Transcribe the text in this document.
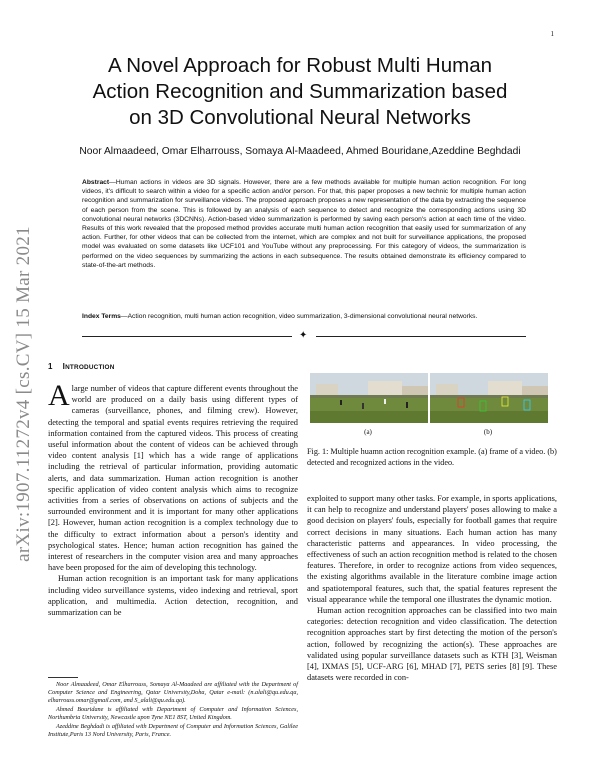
1
arXiv:1907.11272v4 [cs.CV] 15 Mar 2021
A Novel Approach for Robust Multi Human
Action Recognition and Summarization based
on 3D Convolutional Neural Networks
Noor Almaadeed, Omar Elharrouss, Somaya Al-Maadeed, Ahmed Bouridane,Azeddine Beghdadi
Abstract—Human actions in videos are 3D signals. However, there are a few methods available for multiple human action recognition. For long videos, it's difficult to search within a video for a specific action and/or person. For that, this paper proposes a new technic for multiple human action recognition and summarization for surveillance videos. The proposed approach proposes a new representation of the data by extracting the sequence of each person from the scene. This is followed by an analysis of each sequence to detect and recognize the corresponding actions using 3D convolutional neural networks (3DCNNs). Action-based video summarization is performed by saving each person's action at each time of the video. Results of this work revealed that the proposed method provides accurate multi human action recognition that easily used for summarization of any action. Further, for other videos that can be collected from the internet, which are complex and not built for surveillance applications, the proposed model was evaluated on some datasets like UCF101 and YouTube without any preprocessing. For this category of videos, the summarization is performed on the video sequences by summarizing the actions in each subsequence. The results obtained demonstrate its efficiency compared to state-of-the-art methods.
Index Terms—Action recognition, multi human action recognition, video summarization, 3-dimensional convolutional neural networks.
✦
1 INTRODUCTION

Alarge number of videos that capture different events throughout the world are produced on a daily basis using different types of cameras (surveillance, phones, and filming crew). However, detecting the temporal and spatial events requires retrieving the required information contained from the captured videos. This process of creating useful information about the content of videos can be achieved through video content analysis [1] which has a wide range of applications including the retrieval of particular information, providing automatic alerts, and data summarization. Human action recognition is another specific application of video content analysis which aims to recognize activities from a series of observations on actions of subjects and the surrounded environment and it is important for many other applications [2]. However, human action recognition is a complex technology due to the difficulty to extract information about a person's identity and psychological states. Hence; human action recognition has gained the interest of researchers in the computer vision area and many approaches have been proposed for the aim of developing this technology.

Human action recognition is an important task for many applications including video surveillance systems, video indexing and retrieval, sport application, and multimedia. Action detection, recognition, and summarization can be

Noor Almaadeed, Omar Elharrouss, Somaya Al-Maadeed are affiliated with the Department of Computer Science and Engineering, Qatar University,Doha, Qatar e-mail: (n.alali@qu.edu.qa, elharrouss.omar@gmail.com, and S_alali@qu.edu.qa).

Ahmed Bouridane is affiliated with Department of Computer and Information Sciences, Northumbria University, Newcastle upon Tyne NE1 8ST, United Kingdom.

Azeddine Beghdadi is affiliated with Department of Computer and Information Sciences, Galilee Institute,Paris 13 Nord University, Paris, France.

(a)	(b)
Fig. 1: Multiple huamn action recognition example. (a) frame of a video. (b) detected and recognized actions in the video.

exploited to support many other tasks. For example, in sports applications, it can help to recognize and understand players' poses allowing to make a good decision on players' fouls, especially for football games that require correct decisions in many situations. Each human action has many characteristic patterns and appearances. In video processing, the effectiveness of such an action recognition method is related to the chosen features. Therefore, in order to recognize actions from video sequences, the existing algorithms available in the literature combine image action and spatiotemporal features, such that, the spatial features represent the visual appearance while the temporal one illustrates the dynamic motion.

Human action recognition approaches can be classified into two main categories: detection recognition and video classification. The detection recognition approaches start by first detecting the motion of the person's action, followed by recognizing the action(s). These approaches are validated using popular surveillance datasets such as KTH [3], Weisman [4], IXMAS [5], UCF-ARG [6], MHAD [7], PETS series [8] [9]. These datasets were recorded in con-
